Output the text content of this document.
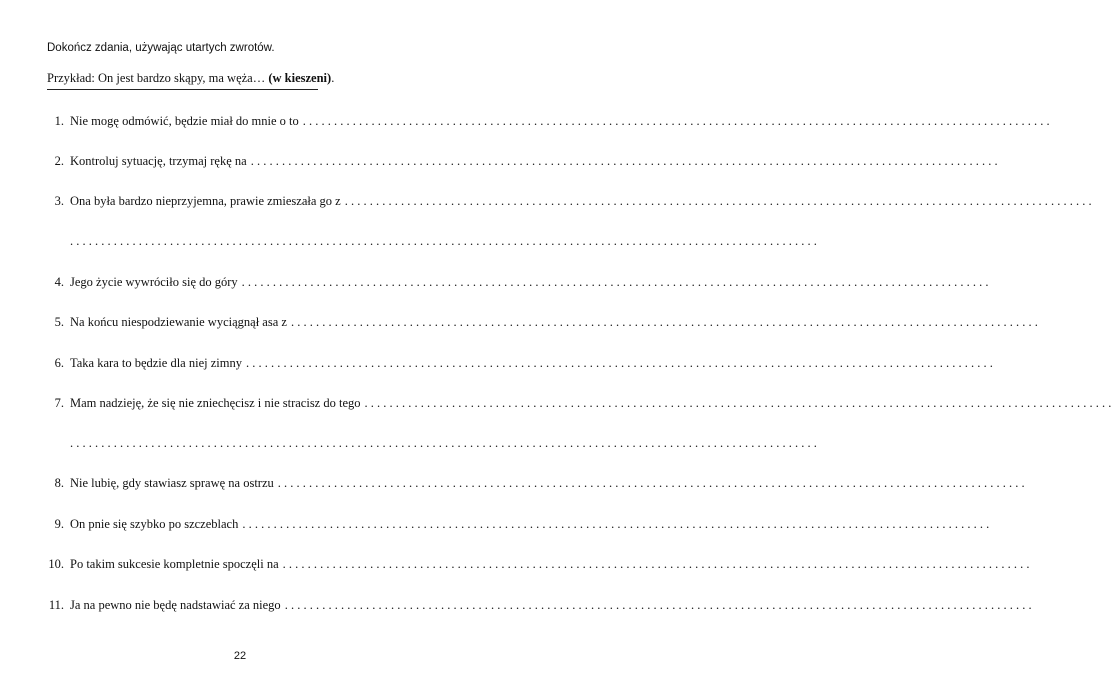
Dokończ zdania, używając utartych zwrotów.
Przykład: On jest bardzo skąpy, ma węża… (w kieszeni).
1. Nie mogę odmówić, będzie miał do mnie o to . . . . . . . . . . . . . . . . . . . . . . . . . . . . . . . . . . . . . . . . . . . . . . . . . . . . . . . . . . . . . . . . . . . . . . . . . . . . . . . . . . . . . . . . . . . . . . . . . . . . . . . . . . . . . . . . . . . . . . . .
2. Kontroluj sytuację, trzymaj rękę na . . . . . . . . . . . . . . . . . . . . . . . . . . . . . . . . . . . . . . . . . . . . . . . . . . . . . . . . . . . . . . . . . . . . . . . . . . . . . . . . . . . . . . . . . . . . . . . . . . . . . . . . . . . . . . . . . . . . . . . .
3. Ona była bardzo nieprzyjemna, prawie zmieszała go z . . . . . . . . . . . . . . . . . . . . . . . . . . . . . . . . . . . . . . . . . . . . . . . . . . . . . . . . . . . . . . . . . . . . . . . . . . . . . . . . . . . . . . . . . . . . . . . . . . . . . . . . . . . . . . . . . . . . . . . .
. . . . . . . . . . . . . . . . . . . . . . . . . . . . . . . . . . . . . . . . . . . . . . . . . . . . . . . . . . . . . . . . . . . . . . . . . . . . . . . . . . . . . . . . . . . . . . . . . . . . . . . . . . . . . . . . . . . . . . . .
4. Jego życie wywróciło się do góry . . . . . . . . . . . . . . . . . . . . . . . . . . . . . . . . . . . . . . . . . . . . . . . . . . . . . . . . . . . . . . . . . . . . . . . . . . . . . . . . . . . . . . . . . . . . . . . . . . . . . . . . . . . . . . . . . . . . . . . .
5. Na końcu niespodziewanie wyciągnął asa z . . . . . . . . . . . . . . . . . . . . . . . . . . . . . . . . . . . . . . . . . . . . . . . . . . . . . . . . . . . . . . . . . . . . . . . . . . . . . . . . . . . . . . . . . . . . . . . . . . . . . . . . . . . . . . . . . . . . . . . .
6. Taka kara to będzie dla niej zimny . . . . . . . . . . . . . . . . . . . . . . . . . . . . . . . . . . . . . . . . . . . . . . . . . . . . . . . . . . . . . . . . . . . . . . . . . . . . . . . . . . . . . . . . . . . . . . . . . . . . . . . . . . . . . . . . . . . . . . . .
7. Mam nadzieję, że się nie zniechęcisz i nie stracisz do tego . . . . . . . . . . . . . . . . . . . . . . . . . . . . . . . . . . . . . . . . . . . . . . . . . . . . . . . . . . . . . . . . . . . . . . . . . . . . . . . . . . . . . . . . . . . . . . . . . . . . . . . . . . . . . . . . . . . . . . . .
. . . . . . . . . . . . . . . . . . . . . . . . . . . . . . . . . . . . . . . . . . . . . . . . . . . . . . . . . . . . . . . . . . . . . . . . . . . . . . . . . . . . . . . . . . . . . . . . . . . . . . . . . . . . . . . . . . . . . . . .
8. Nie lubię, gdy stawiasz sprawę na ostrzu . . . . . . . . . . . . . . . . . . . . . . . . . . . . . . . . . . . . . . . . . . . . . . . . . . . . . . . . . . . . . . . . . . . . . . . . . . . . . . . . . . . . . . . . . . . . . . . . . . . . . . . . . . . . . . . . . . . . . . . .
9. On pnie się szybko po szczeblach . . . . . . . . . . . . . . . . . . . . . . . . . . . . . . . . . . . . . . . . . . . . . . . . . . . . . . . . . . . . . . . . . . . . . . . . . . . . . . . . . . . . . . . . . . . . . . . . . . . . . . . . . . . . . . . . . . . . . . . .
10. Po takim sukcesie kompletnie spoczęli na . . . . . . . . . . . . . . . . . . . . . . . . . . . . . . . . . . . . . . . . . . . . . . . . . . . . . . . . . . . . . . . . . . . . . . . . . . . . . . . . . . . . . . . . . . . . . . . . . . . . . . . . . . . . . . . . . . . . . . . .
11. Ja na pewno nie będę nadstawiać za niego . . . . . . . . . . . . . . . . . . . . . . . . . . . . . . . . . . . . . . . . . . . . . . . . . . . . . . . . . . . . . . . . . . . . . . . . . . . . . . . . . . . . . . . . . . . . . . . . . . . . . . . . . . . . . . . . . . . . . . . .
22
